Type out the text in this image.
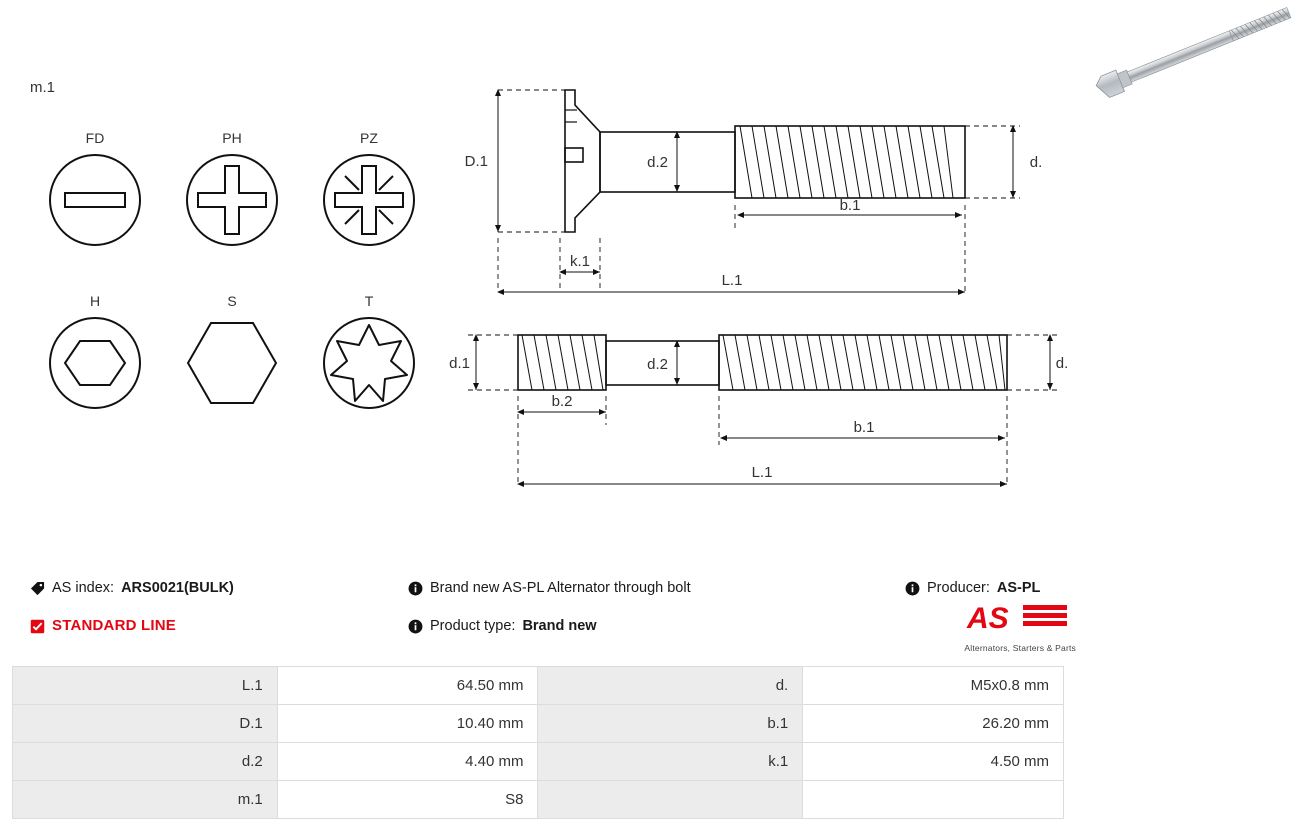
m.1
FD	PH	PZ
H	S	T
D.1	d.2	d.
b.1
k.1
L.1
d.1	d.2	d.
b.2
b.1
L.1
AS index: ARS0021(BULK)
STANDARD LINE
Brand new AS-PL Alternator through bolt
Product type: Brand new
Producer: AS-PL
AS
Alternators, Starters & Parts
L.1	64.50 mm	d.	M5x0.8 mm
D.1	10.40 mm	b.1	26.20 mm
d.2	4.40 mm	k.1	4.50 mm
m.1	S8		
